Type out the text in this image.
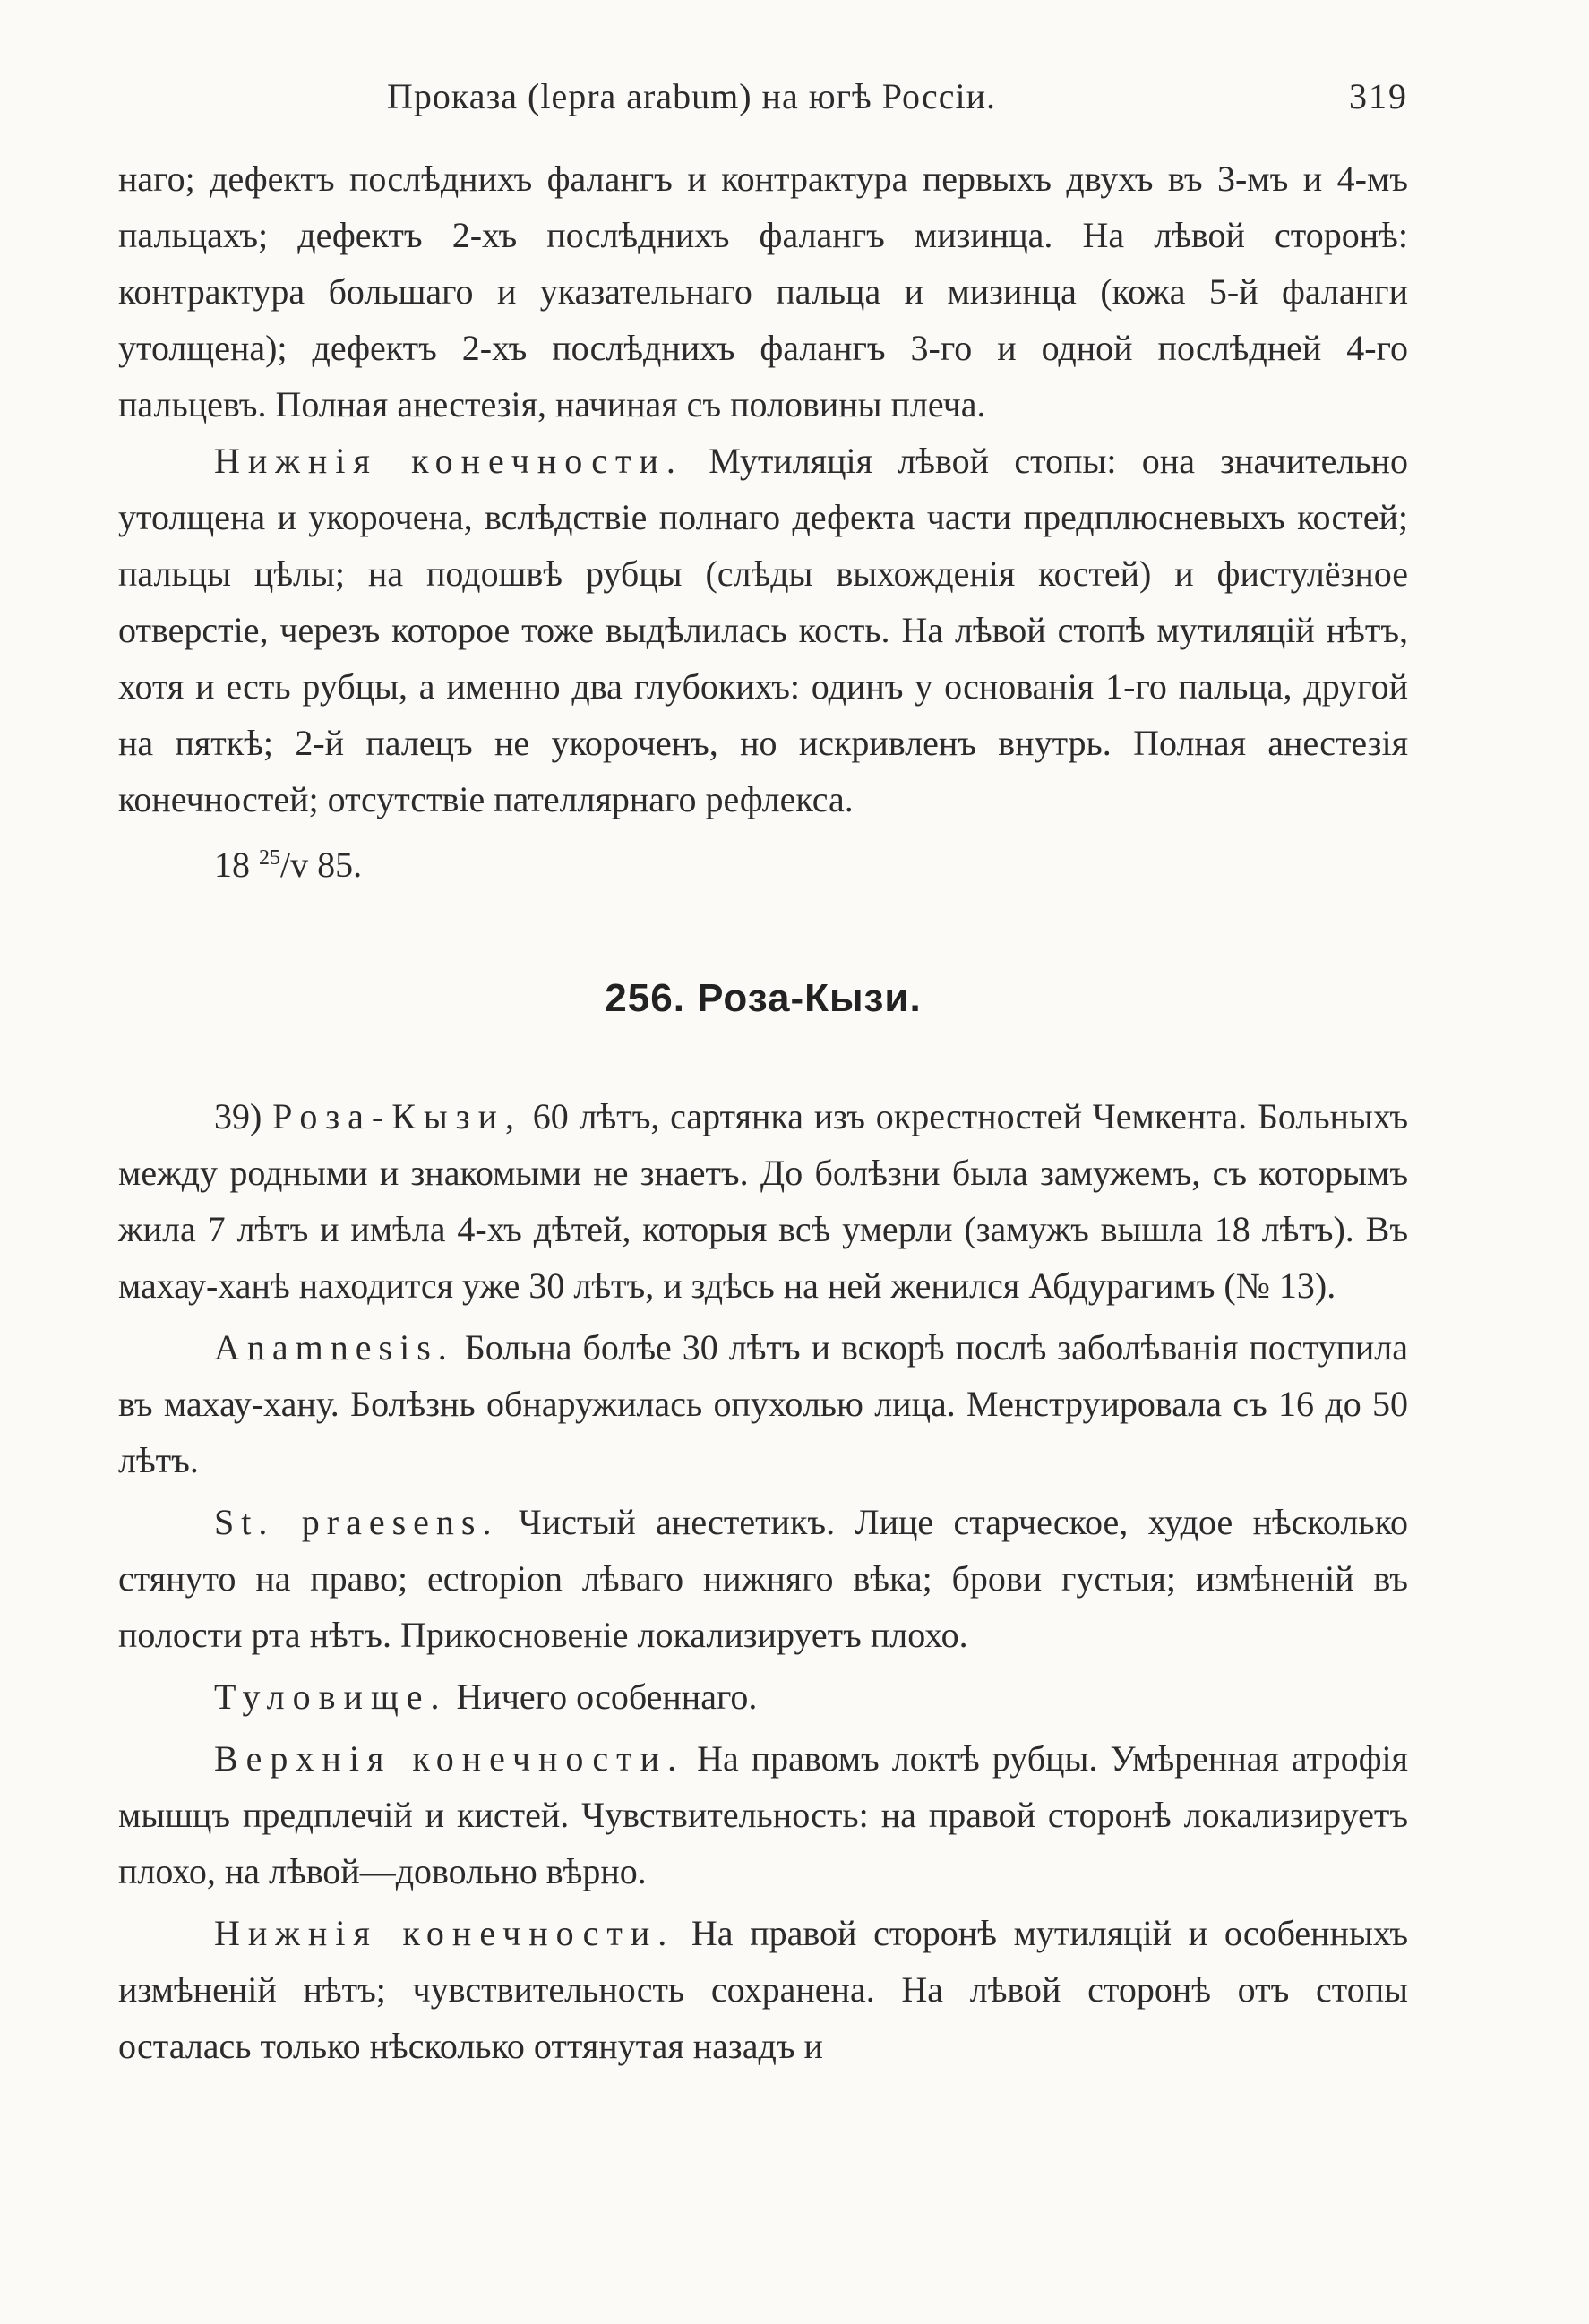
Проказа (lepra arabum) на югѣ Россіи.	319

наго; дефектъ послѣднихъ фалангъ и контрактура первыхъ двухъ въ 3-мъ и 4-мъ пальцахъ; дефектъ 2-хъ послѣднихъ фалангъ мизинца. На лѣвой сторонѣ: контрактура большаго и указательнаго пальца и мизинца (кожа 5-й фаланги утолщена); дефектъ 2-хъ послѣднихъ фалангъ 3-го и одной послѣдней 4-го пальцевъ. Полная анестезія, начиная съ половины плеча.

Нижнія конечности. Мутиляція лѣвой стопы: она значительно утолщена и укорочена, вслѣдствіе полнаго дефекта части предплюсневыхъ костей; пальцы цѣлы; на подошвѣ рубцы (слѣды выхожденія костей) и фистулёзное отверстіе, черезъ которое тоже выдѣлилась кость. На лѣвой стопѣ мутиляцій нѣтъ, хотя и есть рубцы, а именно два глубокихъ: одинъ у основанія 1-го пальца, другой на пяткѣ; 2-й палецъ не укороченъ, но искривленъ внутрь. Полная анестезія конечностей; отсутствіе пателлярнаго рефлекса.

18 $^{25}$/v 85.

256. Роза-Кызи.

39) Роза-Кызи, 60 лѣтъ, сартянка изъ окрестностей Чемкента. Больныхъ между родными и знакомыми не знаетъ. До болѣзни была замужемъ, съ которымъ жила 7 лѣтъ и имѣла 4-хъ дѣтей, которыя всѣ умерли (замужъ вышла 18 лѣтъ). Въ махау-ханѣ находится уже 30 лѣтъ, и здѣсь на ней женился Абдурагимъ (№ 13).

Anamnesis. Больна болѣе 30 лѣтъ и вскорѣ послѣ заболѣванія поступила въ махау-хану. Болѣзнь обнаружилась опухолью лица. Менструировала съ 16 до 50 лѣтъ.

St. praesens. Чистый анестетикъ. Лице старческое, худое нѣсколько стянуто на право; ectropion лѣваго нижняго вѣка; брови густыя; измѣненій въ полости рта нѣтъ. Прикосновеніе локализируетъ плохо.

Туловище. Ничего особеннаго.

Верхнія конечности. На правомъ локтѣ рубцы. Умѣренная атрофія мышцъ предплечій и кистей. Чувствительность: на правой сторонѣ локализируетъ плохо, на лѣвой—довольно вѣрно.

Нижнія конечности. На правой сторонѣ мутиляцій и особенныхъ измѣненій нѣтъ; чувствительность сохранена. На лѣвой сторонѣ отъ стопы осталась только нѣсколько оттянутая назадъ и
